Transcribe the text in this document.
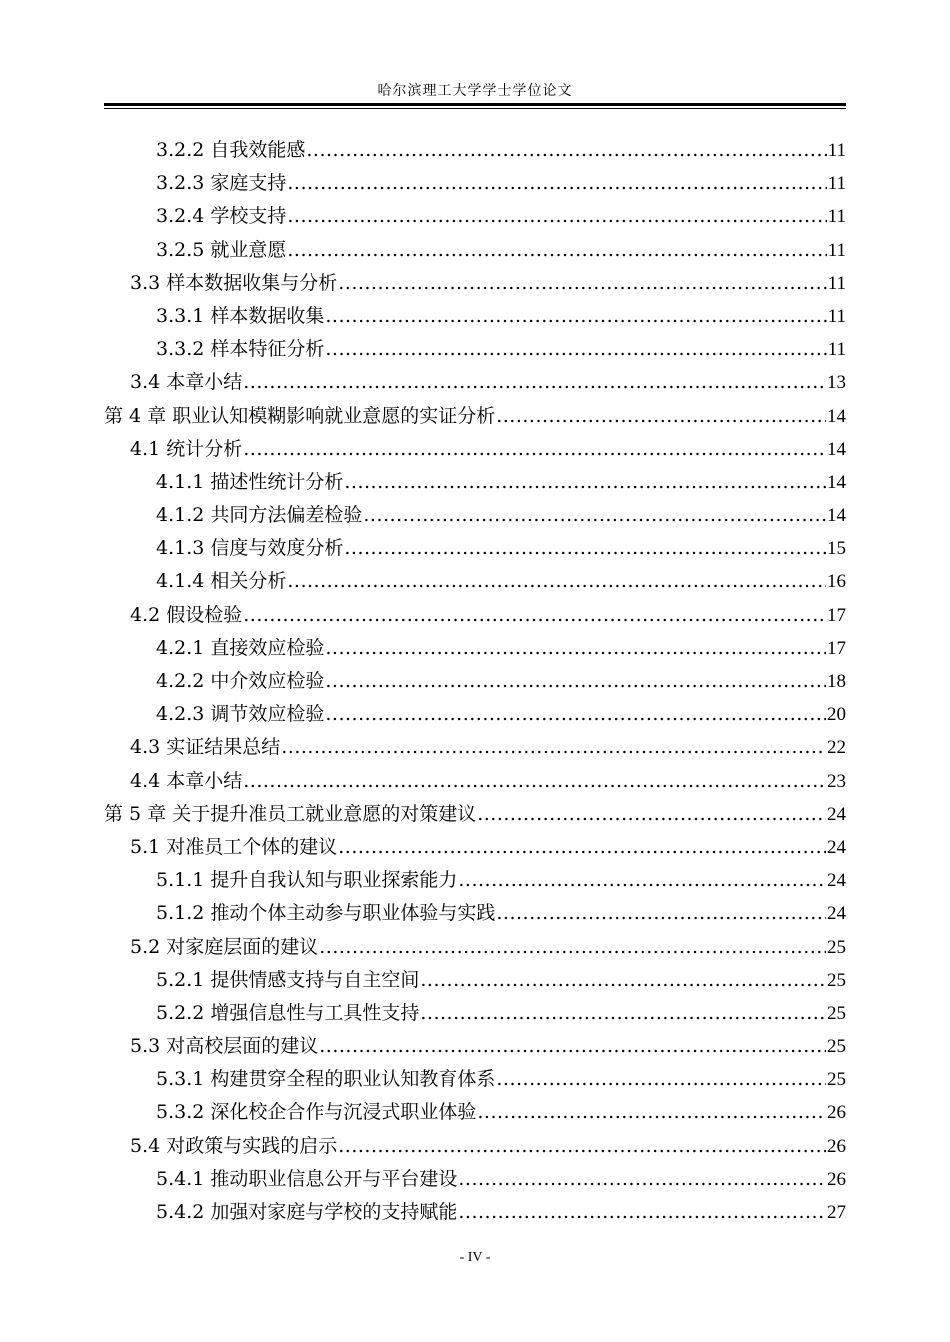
哈尔滨理工大学学士学位论文
3.2.2 自我效能感 .....	11
3.2.3 家庭支持 .....	11
3.2.4 学校支持 .....	11
3.2.5 就业意愿 .....	11
3.3 样本数据收集与分析 .....	11
3.3.1 样本数据收集 .....	11
3.3.2 样本特征分析 .....	11
3.4 本章小结 .....	13
第 4 章 职业认知模糊影响就业意愿的实证分析 .....	14
4.1 统计分析 .....	14
4.1.1 描述性统计分析 .....	14
4.1.2 共同方法偏差检验 .....	14
4.1.3 信度与效度分析 .....	15
4.1.4 相关分析 .....	16
4.2 假设检验 .....	17
4.2.1 直接效应检验 .....	17
4.2.2 中介效应检验 .....	18
4.2.3 调节效应检验 .....	20
4.3 实证结果总结 .....	22
4.4 本章小结 .....	23
第 5 章 关于提升准员工就业意愿的对策建议 .....	24
5.1 对准员工个体的建议 .....	24
5.1.1 提升自我认知与职业探索能力 .....	24
5.1.2 推动个体主动参与职业体验与实践 .....	24
5.2 对家庭层面的建议 .....	25
5.2.1 提供情感支持与自主空间 .....	25
5.2.2 增强信息性与工具性支持 .....	25
5.3 对高校层面的建议 .....	25
5.3.1 构建贯穿全程的职业认知教育体系 .....	25
5.3.2 深化校企合作与沉浸式职业体验 .....	26
5.4 对政策与实践的启示 .....	26
5.4.1 推动职业信息公开与平台建设 .....	26
5.4.2 加强对家庭与学校的支持赋能 .....	27
- IV -
